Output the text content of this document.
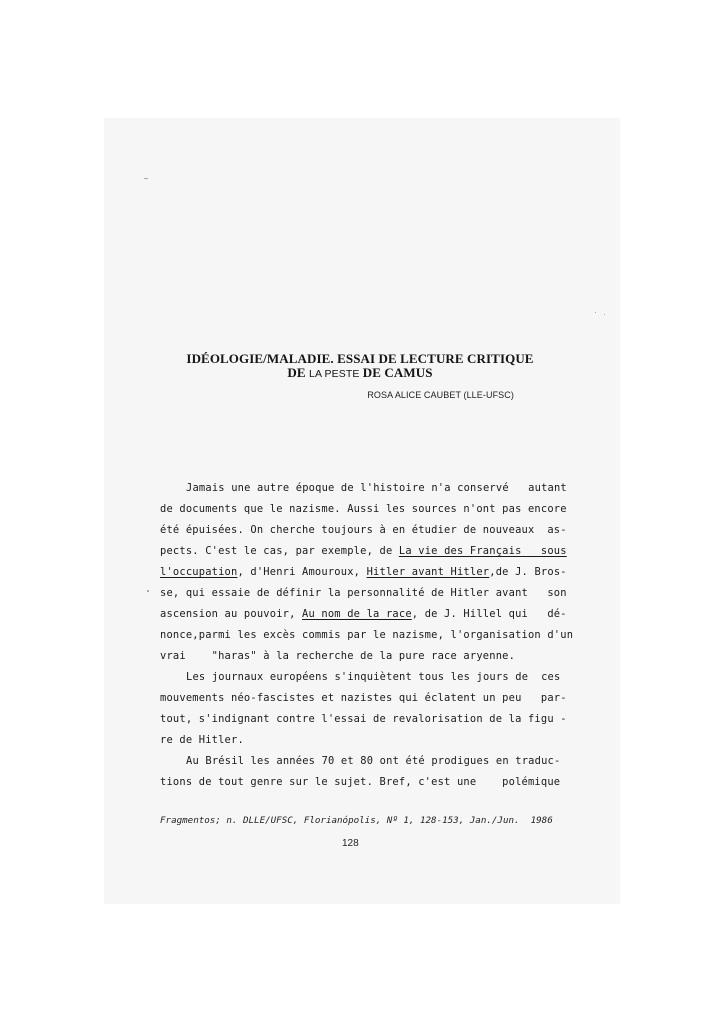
IDÉOLOGIE/MALADIE. ESSAI DE LECTURE CRITIQUE
DE LA PESTE DE CAMUS
ROSA ALICE CAUBET (LLE-UFSC)
Jamais une autre époque de l'histoire n'a conservé   autant
de documents que le nazisme. Aussi les sources n'ont pas encore
été épuisées. On cherche toujours à en étudier de nouveaux  as-
pects. C'est le cas, par exemple, de La vie des Français   sous
l'occupation, d'Henri Amouroux, Hitler avant Hitler,de J. Bros-
se, qui essaie de définir la personnalité de Hitler avant   son
ascension au pouvoir, Au nom de la race, de J. Hillel qui   dé-
nonce,parmi les excès commis par le nazisme, l'organisation d'un
vrai    "haras" à la recherche de la pure race aryenne.
Les journaux européens s'inquiètent tous les jours de  ces
mouvements néo-fascistes et nazistes qui éclatent un peu   par-
tout, s'indignant contre l'essai de revalorisation de la figu -
re de Hitler.
Au Brésil les années 70 et 80 ont été prodigues en traduc-
tions de tout genre sur le sujet. Bref, c'est une    polémique
Fragmentos; n. DLLE/UFSC, Florianópolis, Nº 1, 128-153, Jan./Jun.  1986
128
